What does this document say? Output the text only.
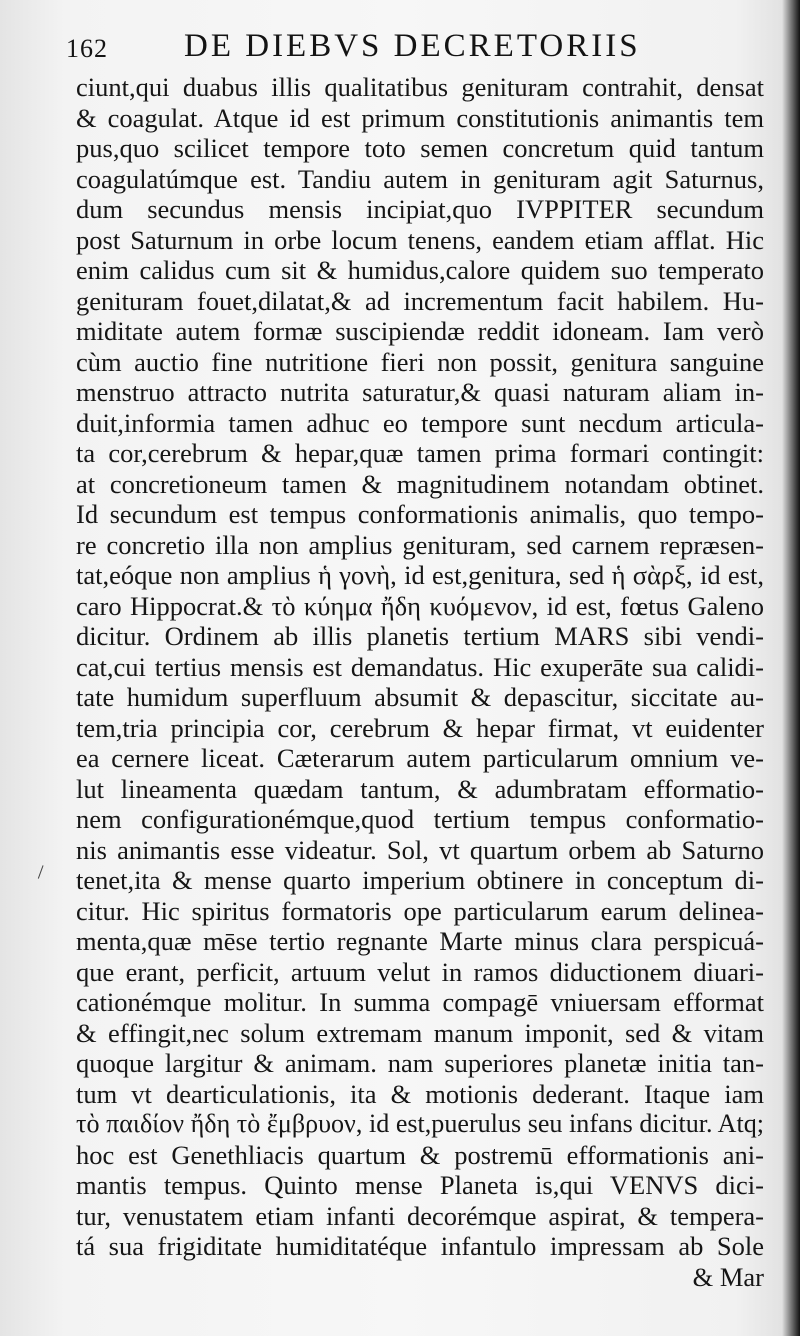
162 DE DIEBVS DECRETORIIS
ciunt,qui duabus illis qualitatibus genituram contrahit, densat
& coagulat. Atque id est primum constitutionis animantis tem
pus,quo scilicet tempore toto semen concretum quid tantum
coagulatúmque est. Tandiu autem in genituram agit Saturnus,
dum secundus mensis incipiat,quo IVPPITER secundum
post Saturnum in orbe locum tenens, eandem etiam afflat. Hic
enim calidus cum sit & humidus,calore quidem suo temperato
genituram fouet,dilatat,& ad incrementum facit habilem. Hu-
miditate autem formæ suscipiendæ reddit idoneam. Iam verò
cùm auctio fine nutritione fieri non possit, genitura sanguine
menstruo attracto nutrita saturatur,& quasi naturam aliam in-
duit,informia tamen adhuc eo tempore sunt necdum articula-
ta cor,cerebrum & hepar,quæ tamen prima formari contingit:
at concretioneum tamen & magnitudinem notandam obtinet.
Id secundum est tempus conformationis animalis, quo tempo-
re concretio illa non amplius genituram, sed carnem repræsen-
tat,eóque non amplius ἡ γονὴ, id est,genitura, sed ἡ σὰρξ, id est,
caro Hippocrat.& τὸ κύημα ἤδη κυόμενον, id est, fœtus Galeno
dicitur. Ordinem ab illis planetis tertium MARS sibi vendi-
cat,cui tertius mensis est demandatus. Hic exuperāte sua calidi-
tate humidum superfluum absumit & depascitur, siccitate au-
tem,tria principia cor, cerebrum & hepar firmat, vt euidenter
ea cernere liceat. Cæterarum autem particularum omnium ve-
lut lineamenta quædam tantum, & adumbratam efformatio-
nem configurationémque,quod tertium tempus conformatio-
nis animantis esse videatur. Sol, vt quartum orbem ab Saturno
tenet,ita & mense quarto imperium obtinere in conceptum di-
citur. Hic spiritus formatoris ope particularum earum delinea-
menta,quæ mēse tertio regnante Marte minus clara perspicuá-
que erant, perficit, artuum velut in ramos diductionem diuari-
cationémque molitur. In summa compagē vniuersam efformat
& effingit,nec solum extremam manum imponit, sed & vitam
quoque largitur & animam. nam superiores planetæ initia tan-
tum vt dearticulationis, ita & motionis dederant. Itaque iam
τὸ παιδίον ἤδη τὸ ἔμβρυον, id est,puerulus seu infans dicitur. Atq;
hoc est Genethliacis quartum & postremū efformationis ani-
mantis tempus. Quinto mense Planeta is,qui VENVS dici-
tur, venustatem etiam infanti decorémque aspirat, & tempera-
tá sua frigiditate humiditatéque infantulo impressam ab Sole
& Mar
